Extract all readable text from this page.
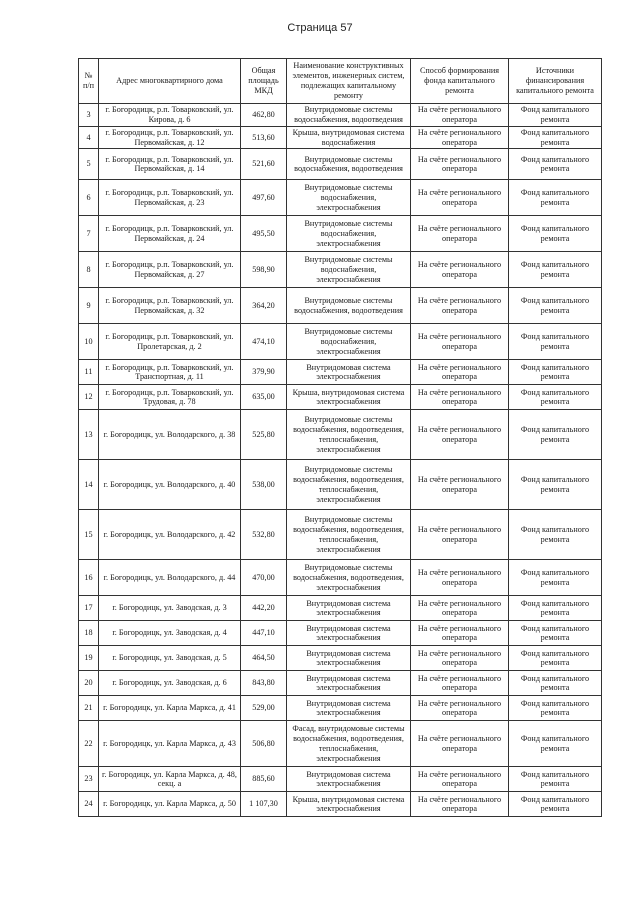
Страница 57
№ п/п	Адрес многоквартирного дома	Общая площадь МКД	Наименование конструктивных элементов, инженерных систем, подлежащих капитальному ремонту	Способ формирования фонда капитального ремонта	Источники финансирования капитального ремонта
3	г. Богородицк, р.п. Товарковский, ул. Кирова, д. 6	462,80	Внутридомовые системы водоснабжения, водоотведения	На счёте регионального оператора	Фонд капитального ремонта
4	г. Богородицк, р.п. Товарковский, ул. Первомайская, д. 12	513,60	Крыша, внутридомовая система водоснабжения	На счёте регионального оператора	Фонд капитального ремонта
5	г. Богородицк, р.п. Товарковский, ул. Первомайская, д. 14	521,60	Внутридомовые системы водоснабжения, водоотведения	На счёте регионального оператора	Фонд капитального ремонта
6	г. Богородицк, р.п. Товарковский, ул. Первомайская, д. 23	497,60	Внутридомовые системы водоснабжения, электроснабжения	На счёте регионального оператора	Фонд капитального ремонта
7	г. Богородицк, р.п. Товарковский, ул. Первомайская, д. 24	495,50	Внутридомовые системы водоснабжения, электроснабжения	На счёте регионального оператора	Фонд капитального ремонта
8	г. Богородицк, р.п. Товарковский, ул. Первомайская, д. 27	598,90	Внутридомовые системы водоснабжения, электроснабжения	На счёте регионального оператора	Фонд капитального ремонта
9	г. Богородицк, р.п. Товарковский, ул. Первомайская, д. 32	364,20	Внутридомовые системы водоснабжения, водоотведения	На счёте регионального оператора	Фонд капитального ремонта
10	г. Богородицк, р.п. Товарковский, ул. Пролетарская, д. 2	474,10	Внутридомовые системы водоснабжения, электроснабжения	На счёте регионального оператора	Фонд капитального ремонта
11	г. Богородицк, р.п. Товарковский, ул. Транспортная, д. 11	379,90	Внутридомовая система электроснабжения	На счёте регионального оператора	Фонд капитального ремонта
12	г. Богородицк, р.п. Товарковский, ул. Трудовая, д. 78	635,00	Крыша, внутридомовая система электроснабжения	На счёте регионального оператора	Фонд капитального ремонта
13	г. Богородицк, ул. Володарского, д. 38	525,80	Внутридомовые системы водоснабжения, водоотведения, теплоснабжения, электроснабжения	На счёте регионального оператора	Фонд капитального ремонта
14	г. Богородицк, ул. Володарского, д. 40	538,00	Внутридомовые системы водоснабжения, водоотведения, теплоснабжения, электроснабжения	На счёте регионального оператора	Фонд капитального ремонта
15	г. Богородицк, ул. Володарского, д. 42	532,80	Внутридомовые системы водоснабжения, водоотведения, теплоснабжения, электроснабжения	На счёте регионального оператора	Фонд капитального ремонта
16	г. Богородицк, ул. Володарского, д. 44	470,00	Внутридомовые системы водоснабжения, водоотведения, электроснабжения	На счёте регионального оператора	Фонд капитального ремонта
17	г. Богородицк, ул. Заводская, д. 3	442,20	Внутридомовая система электроснабжения	На счёте регионального оператора	Фонд капитального ремонта
18	г. Богородицк, ул. Заводская, д. 4	447,10	Внутридомовая система электроснабжения	На счёте регионального оператора	Фонд капитального ремонта
19	г. Богородицк, ул. Заводская, д. 5	464,50	Внутридомовая система электроснабжения	На счёте регионального оператора	Фонд капитального ремонта
20	г. Богородицк, ул. Заводская, д. 6	843,80	Внутридомовая система электроснабжения	На счёте регионального оператора	Фонд капитального ремонта
21	г. Богородицк, ул. Карла Маркса, д. 41	529,00	Внутридомовая система электроснабжения	На счёте регионального оператора	Фонд капитального ремонта
22	г. Богородицк, ул. Карла Маркса, д. 43	506,80	Фасад, внутридомовые системы водоснабжения, водоотведения, теплоснабжения, электроснабжения	На счёте регионального оператора	Фонд капитального ремонта
23	г. Богородицк, ул. Карла Маркса, д. 48, секц. а	885,60	Внутридомовая система электроснабжения	На счёте регионального оператора	Фонд капитального ремонта
24	г. Богородицк, ул. Карла Маркса, д. 50	1 107,30	Крыша, внутридомовая система электроснабжения	На счёте регионального оператора	Фонд капитального ремонта
